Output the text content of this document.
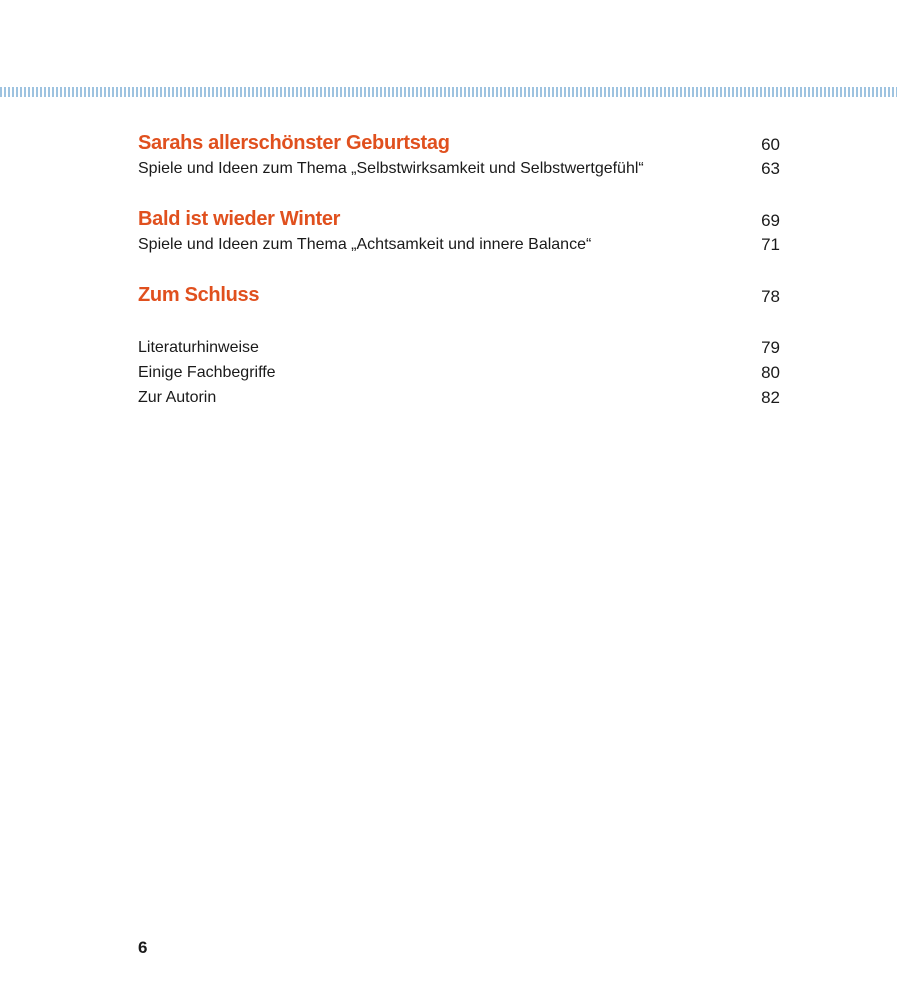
Sarahs allerschönster Geburtstag	60
Spiele und Ideen zum Thema „Selbstwirksamkeit und Selbstwertgefühl“	63
Bald ist wieder Winter	69
Spiele und Ideen zum Thema „Achtsamkeit und innere Balance“	71
Zum Schluss	78
Literaturhinweise	79
Einige Fachbegriffe	80
Zur Autorin	82
6
